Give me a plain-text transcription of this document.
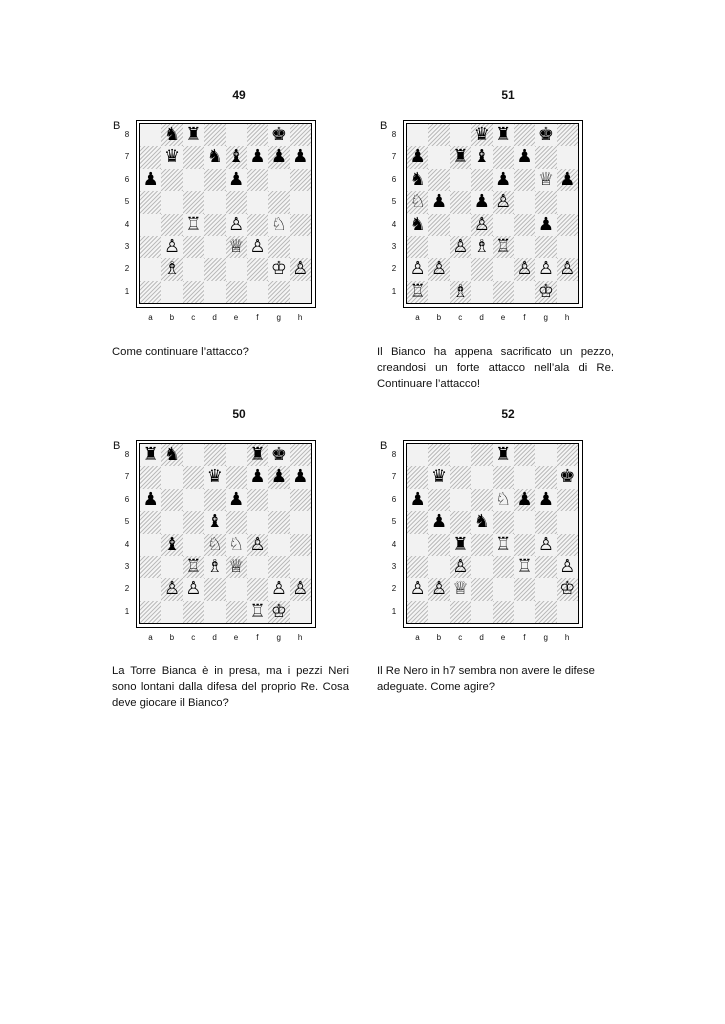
49
B
8
7
6
5
4
3
2
1
a	b	c	d	e	f	g	h
♞ ♜	♚
♛ ♞ ♝ ♟ ♟ ♟
♟	♟
♖ ♙ ♘
♙	♕ ♙
♗	♔ ♙

Come continuare l’attacco?

51
B
8
7
6
5
4
3
2
1
a	b	c	d	e	f	g	h
♛ ♜ ♚
♟ ♜ ♝ ♟
♞	♟ ♕ ♟
♘ ♟ ♟ ♙
♞	♙	♟
♙ ♗ ♖
♙ ♙	♙ ♙ ♙
♖ ♗	♔

Il Bianco ha appena sacrificato un pezzo, creandosi un forte attacco nell’ala di Re. Continuare l’attacco!

50
B
8
7
6
5
4
3
2
1
a	b	c	d	e	f	g	h
♜ ♞	♜ ♚
♛ ♟ ♟ ♟
♟	♟
♝
♝ ♘ ♘ ♙
♖ ♗ ♕
♙ ♙	♙ ♙
♖ ♔

La Torre Bianca è in presa, ma i pezzi Neri sono lontani dalla difesa del proprio Re. Cosa deve giocare il Bianco?

52
B
8
7
6
5
4
3
2
1
a	b	c	d	e	f	g	h
♜
♛	♚
♟	♘ ♟ ♟
♟ ♞
♜ ♖ ♙
♙	♖ ♙
♙ ♙ ♕	♔

Il Re Nero in h7 sembra non avere le difese adeguate. Come agire?
